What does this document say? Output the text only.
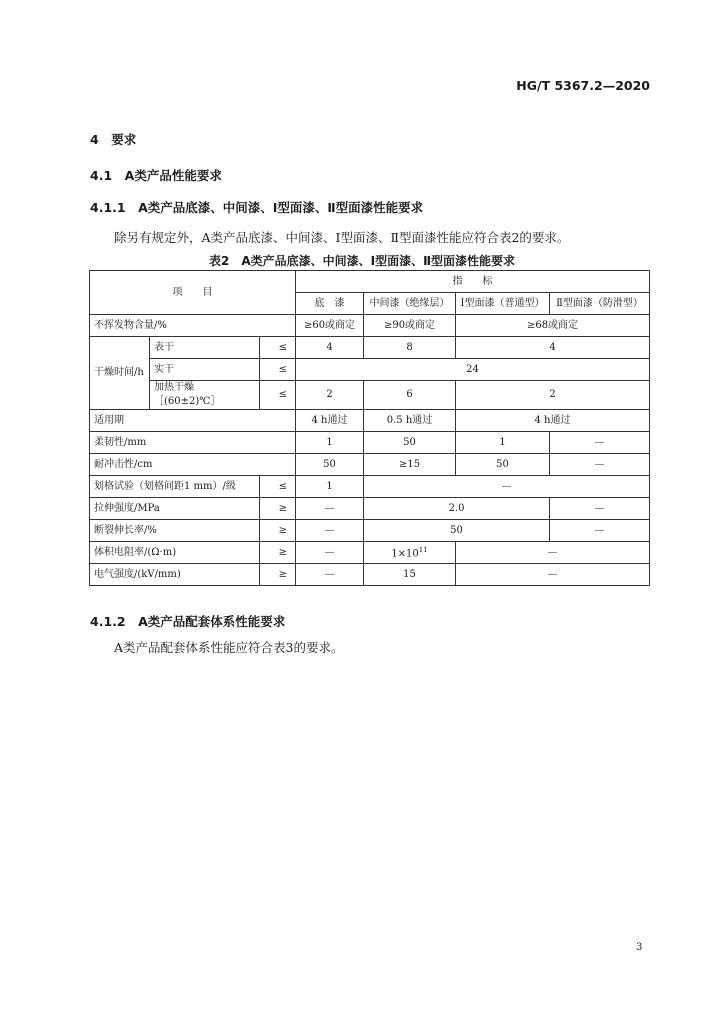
HG/T 5367.2—2020
4　要求
4.1　A类产品性能要求
4.1.1　A类产品底漆、中间漆、Ⅰ型面漆、Ⅱ型面漆性能要求
除另有规定外，A类产品底漆、中间漆、Ⅰ型面漆、Ⅱ型面漆性能应符合表2的要求。
表2　A类产品底漆、中间漆、Ⅰ型面漆、Ⅱ型面漆性能要求
项　　目			指　　标			
			底　漆	中间漆（绝缘层）	Ⅰ型面漆（普通型）	Ⅱ型面漆（防滑型）
不挥发物含量/%			≥60或商定	≥90或商定	≥68或商定	
干燥时间/h	表干	≤	4	8	4	
	实干	≤	24			
	加热干燥［(60±2)℃］	≤	2	6	2	
适用期			4 h通过	0.5 h通过	4 h通过	
柔韧性/mm			1	50	1	—
耐冲击性/cm			50	≥15	50	—
划格试验（划格间距1 mm）/级		≤	1	—		
拉伸强度/MPa		≥	—	2.0		—
断裂伸长率/%		≥	—	50		—
体积电阻率/(Ω·m)		≥	—	$1\times 10^{11}$	—	
电气强度/(kV/mm)		≥	—	15	—	
4.1.2　A类产品配套体系性能要求
A类产品配套体系性能应符合表3的要求。
3
